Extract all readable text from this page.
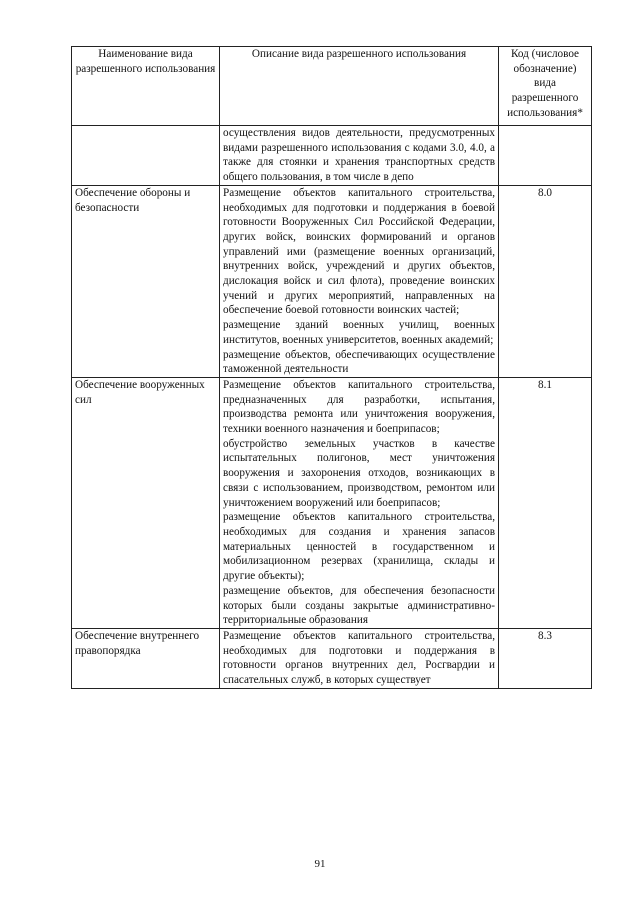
Наименование вида разрешенного использования	Описание вида разрешенного использования	Код (числовое обозначение) вида разрешенного использования*

	осуществления видов деятельности, предусмотренных видами разрешенного использования с кодами 3.0, 4.0, а также для стоянки и хранения транспортных средств общего пользования, в том числе в депо	

Обеспечение обороны и безопасности	Размещение объектов капитального строительства, необходимых для подготовки и поддержания в боевой готовности Вооруженных Сил Российской Федерации, других войск, воинских формирований и органов управлений ими (размещение военных организаций, внутренних войск, учреждений и других объектов, дислокация войск и сил флота), проведение воинских учений и других мероприятий, направленных на обеспечение боевой готовности воинских частей;
размещение зданий военных училищ, военных институтов, военных университетов, военных академий;
размещение объектов, обеспечивающих осуществление таможенной деятельности	8.0
Обеспечение вооруженных сил	Размещение объектов капитального строительства, предназначенных для разработки, испытания, производства ремонта или уничтожения вооружения, техники военного назначения и боеприпасов;
обустройство земельных участков в качестве испытательных полигонов, мест уничтожения вооружения и захоронения отходов, возникающих в связи с использованием, производством, ремонтом или уничтожением вооружений или боеприпасов;
размещение объектов капитального строительства, необходимых для создания и хранения запасов материальных ценностей в государственном и мобилизационном резервах (хранилища, склады и другие объекты);
размещение объектов, для обеспечения безопасности которых были созданы закрытые административно-территориальные образования	8.1
Обеспечение внутреннего правопорядка	Размещение объектов капитального строительства, необходимых для подготовки и поддержания в готовности органов внутренних дел, Росгвардии и спасательных служб, в которых существует	8.3
91
